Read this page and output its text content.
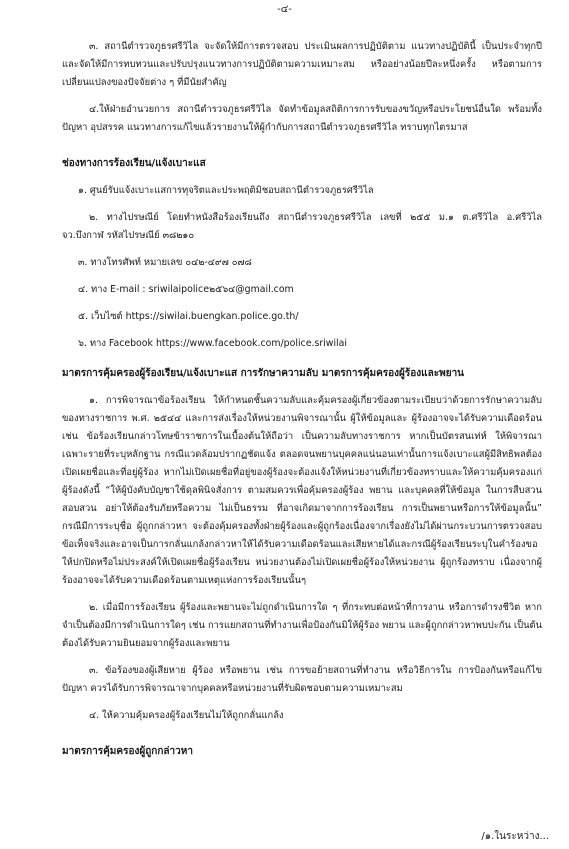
-๔-

๓. สถานีตำรวจภูธรศรีวิไล จะจัดให้มีการตรวจสอบ ประเมินผลการปฏิบัติตาม แนวทางปฏิบัตินี้ เป็นประจำทุกปี และจัดให้มีการทบทวนและปรับปรุงแนวทางการปฏิบัติตามความเหมาะสม หรืออย่างน้อยปีละหนึ่งครั้ง หรือตามการเปลี่ยนแปลงของปัจจัยต่าง ๆ ที่มีนัยสำคัญ

๔.ให้ฝ่ายอำนวยการ สถานีตำรวจภูธรศรีวิไล จัดทำข้อมูลสถิติการการรับของขวัญหรือประโยชน์อื่นใด พร้อมทั้งปัญหา อุปสรรค แนวทางการแก้ไขแล้วรายงานให้ผู้กำกับการสถานีตำรวจภูธรศรีวิไล ทราบทุกไตรมาส

ช่องทางการร้องเรียน/แจ้งเบาะแส

๑. ศูนย์รับแจ้งเบาะแสการทุจริตและประพฤติมิชอบสถานีตำรวจภูธรศรีวิไล

๒. ทางไปรษณีย์ โดยทำหนังสือร้องเรียนถึง สถานีตำรวจภูธรศรีวิไล เลขที่ ๒๕๕ ม.๑ ต.ศรีวิไล อ.ศรีวิไล จว.บึงกาฬ รหัสไปรษณีย์ ๓๘๒๑๐

๓. ทางโทรศัพท์ หมายเลข ๐๔๒-๔๙๗ ๐๗๘

๔. ทาง E-mail : sriwilaipolice๒๕๖๔@gmail.com

๕. เว็บไซต์ https://siwilai.buengkan.police.go.th/

๖. ทาง Facebook https://www.facebook.com/police.sriwilai

มาตรการคุ้มครองผู้ร้องเรียน/แจ้งเบาะแส การรักษาความลับ มาตรการคุ้มครองผู้ร้องและพยาน

๑. การพิจารณาข้อร้องเรียน ให้กำหนดชั้นความลับและคุ้มครองผู้เกี่ยวข้องตามระเบียบว่าด้วยการรักษาความลับของทางราชการ พ.ศ. ๒๕๔๔ และการส่งเรื่องให้หน่วยงานพิจารณานั้น ผู้ให้ข้อมูลและ ผู้ร้องอาจจะได้รับความเดือดร้อน เช่น ข้อร้องเรียนกล่าวโทษข้าราชการในเบื้องต้นให้ถือว่า เป็นความลับทางราชการ หากเป็นบัตรสนเท่ห์ ให้พิจารณาเฉพาะรายที่ระบุหลักฐาน กรณีแวดล้อมปรากฏชัดแจ้ง ตลอดจนพยานบุคคลแน่นอนเท่านั้นการแจ้งเบาะแสผู้มีสิทธิพลต้องเปิดเผยชื่อและที่อยู่ผู้ร้อง หากไม่เปิดเผยชื่อที่อยู่ของผู้ร้องจะต้องแจ้งให้หน่วยงานที่เกี่ยวข้องทราบและให้ความคุ้มครองแก่ผู้ร้องดังนี้ “ให้ผู้บังคับบัญชาใช้ดุลพินิจสั่งการ ตามสมควรเพื่อคุ้มครองผู้ร้อง พยาน และบุคคลที่ให้ข้อมูล ในการสืบสวนสอบสวน อย่าให้ต้องรับภัยหรือความ ไม่เป็นธรรม ที่อาจเกิดมาจากการร้องเรียน การเป็นพยานหรือการให้ข้อมูลนั้น” กรณีมีการระบุชื่อ ผู้ถูกกล่าวหา จะต้องคุ้มครองทั้งฝ่ายผู้ร้องและผู้ถูกร้องเนื่องจากเรื่องยังไม่ได้ผ่านกระบวนการตรวจสอบข้อเท็จจริงและอาจเป็นการกลั่นแกล้งกล่าวหาให้ได้รับความเดือดร้อนและเสียหายได้และกรณีผู้ร้องเรียนระบุในคำร้องขอให้ปกปิดหรือไม่ประสงค์ให้เปิดเผยชื่อผู้ร้องเรียน หน่วยงานต้องไม่เปิดเผยชื่อผู้ร้องให้หน่วยงาน ผู้ถูกร้องทราบ เนื่องจากผู้ร้องอาจจะได้รับความเดือดร้อนตามเหตุแห่งการร้องเรียนนั้นๆ

๒. เมื่อมีการร้องเรียน ผู้ร้องและพยานจะไม่ถูกดำเนินการใด ๆ ที่กระทบต่อหน้าที่การงาน หรือการดำรงชีวิต หากจำเป็นต้องมีการดำเนินการใดๆ เช่น การแยกสถานที่ทำงานเพื่อป้องกันมิให้ผู้ร้อง พยาน และผู้ถูกกล่าวหาพบปะกัน เป็นต้น ต้องได้รับความยินยอมจากผู้ร้องและพยาน

๓. ข้อร้องของผู้เสียหาย ผู้ร้อง หรือพยาน เช่น การขอย้ายสถานที่ทำงาน หรือวิธีการใน การป้องกันหรือแก้ไขปัญหา ควรได้รับการพิจารณาจากบุคคลหรือหน่วยงานที่รับผิดชอบตามความเหมาะสม

๔. ให้ความคุ้มครองผู้ร้องเรียนไม่ให้ถูกกลั่นแกล้ง

มาตรการคุ้มครองผู้ถูกกล่าวหา

/๑.ในระหว่าง...
